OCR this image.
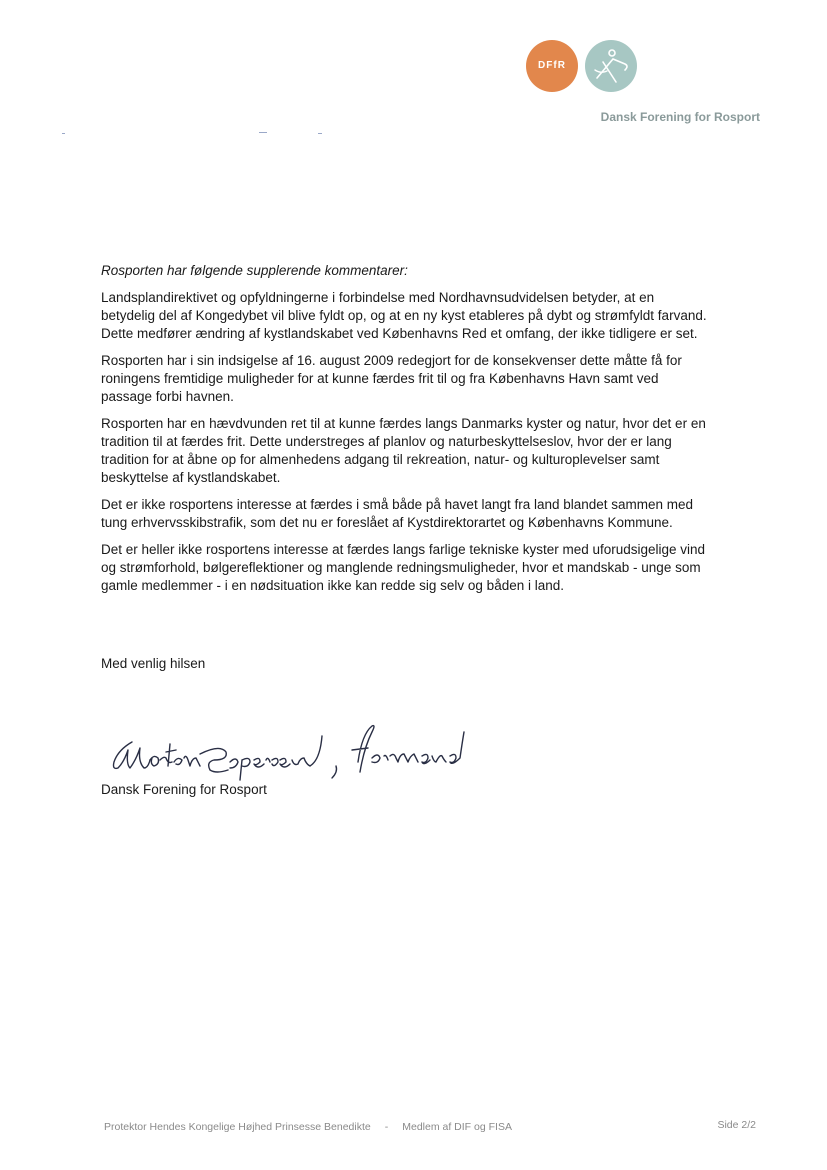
DFfR
Dansk Forening for Rosport
Rosporten har følgende supplerende kommentarer:

Landsplandirektivet og opfyldningerne i forbindelse med Nordhavnsudvidelsen betyder, at en
betydelig del af Kongedybet vil blive fyldt op, og at en ny kyst etableres på dybt og strømfyldt farvand.
Dette medfører ændring af kystlandskabet ved Københavns Red et omfang, der ikke tidligere er set.

Rosporten har i sin indsigelse af 16. august 2009 redegjort for de konsekvenser dette måtte få for
roningens fremtidige muligheder for at kunne færdes frit til og fra Københavns Havn samt ved
passage forbi havnen.

Rosporten har en hævdvunden ret til at kunne færdes langs Danmarks kyster og natur, hvor det er en
tradition til at færdes frit. Dette understreges af planlov og naturbeskyttelseslov, hvor der er lang
tradition for at åbne op for almenhedens adgang til rekreation, natur- og kulturoplevelser samt
beskyttelse af kystlandskabet.

Det er ikke rosportens interesse at færdes i små både på havet langt fra land blandet sammen med
tung erhvervsskibstrafik, som det nu er foreslået af Kystdirektorartet og Københavns Kommune.

Det er heller ikke rosportens interesse at færdes langs farlige tekniske kyster med uforudsigelige vind
og strømforhold, bølgereflektioner og manglende redningsmuligheder, hvor et mandskab - unge som
gamle medlemmer - i en nødsituation ikke kan redde sig selv og båden i land.

Med venlig hilsen
Dansk Forening for Rosport
Protektor Hendes Kongelige Højhed Prinsesse Benedikte - Medlem af DIF og FISA	Side 2/2
